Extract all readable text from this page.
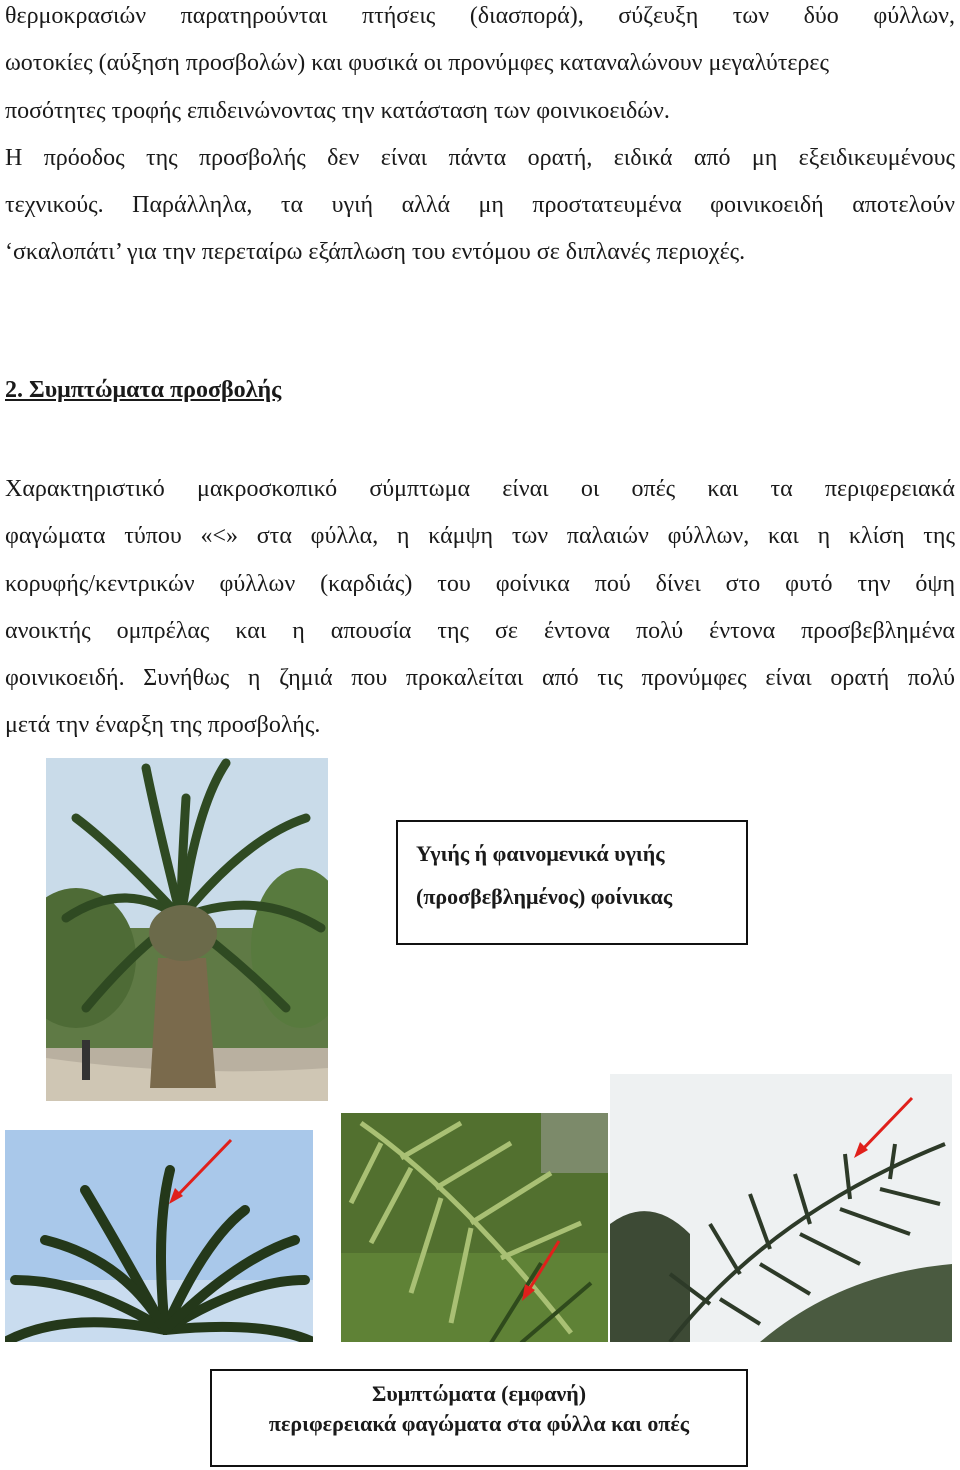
θερμοκρασιών παρατηρούνται πτήσεις (διασπορά), σύζευξη των δύο φύλλων,
ωοτοκίες (αύξηση προσβολών) και φυσικά οι προνύμφες καταναλώνουν μεγαλύτερες
ποσότητες τροφής επιδεινώνοντας την κατάσταση των φοινικοειδών.
Η πρόοδος της προσβολής δεν είναι πάντα ορατή, ειδικά από μη εξειδικευμένους
τεχνικούς. Παράλληλα, τα υγιή αλλά μη προστατευμένα φοινικοειδή αποτελούν
‘σκαλοπάτι’ για την περεταίρω εξάπλωση του εντόμου σε διπλανές περιοχές.
2. Συμπτώματα προσβολής
Χαρακτηριστικό μακροσκοπικό σύμπτωμα είναι οι οπές και τα περιφερειακά
φαγώματα τύπου «<» στα φύλλα, η κάμψη των παλαιών φύλλων, και η κλίση της
κορυφής/κεντρικών φύλλων (καρδιάς) του φοίνικα πού δίνει στο φυτό την όψη
ανοικτής ομπρέλας και η απουσία της σε έντονα πολύ έντονα προσβεβλημένα
φοινικοειδή. Συνήθως η ζημιά που προκαλείται από τις προνύμφες είναι ορατή πολύ
μετά την έναρξη της προσβολής.
Υγιής ή φαινομενικά υγιής
(προσβεβλημένος) φοίνικας
Συμπτώματα (εμφανή)
περιφερειακά φαγώματα στα φύλλα και οπές
